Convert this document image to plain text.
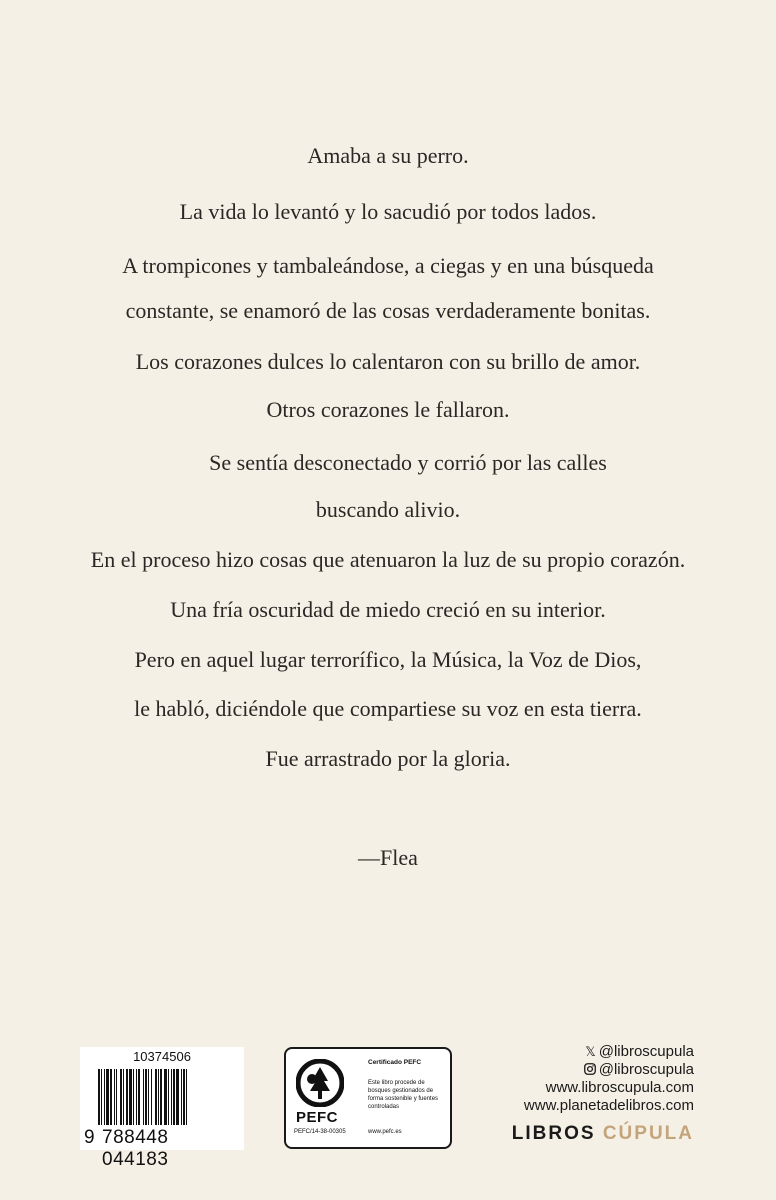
Amaba a su perro.
La vida lo levantó y lo sacudió por todos lados.
A trompicones y tambaleándose, a ciegas y en una búsqueda
constante, se enamoró de las cosas verdaderamente bonitas.
Los corazones dulces lo calentaron con su brillo de amor.
Otros corazones le fallaron.
Se sentía desconectado y corrió por las calles
buscando alivio.
En el proceso hizo cosas que atenuaron la luz de su propio corazón.
Una fría oscuridad de miedo creció en su interior.
Pero en aquel lugar terrorífico, la Música, la Voz de Dios,
le habló, diciéndole que compartiese su voz en esta tierra.
Fue arrastrado por la gloria.
—Flea
10374506
9 788448 044183
PEFC
PEFC/14-38-00305
Certificado PEFC
Este libro procede de bosques gestionados de forma sostenible y fuentes controladas
www.pefc.es
𝕏 @libroscupula
@libroscupula
www.libroscupula.com
www.planetadelibros.com
LIBROS CÚPULA
